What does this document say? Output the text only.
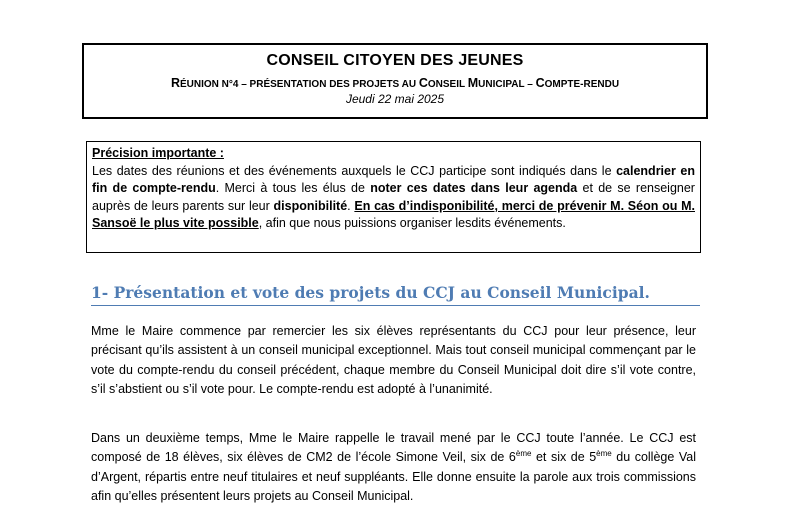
CONSEIL CITOYEN DES JEUNES
RÉUNION N°4 – PRÉSENTATION DES PROJETS AU CONSEIL MUNICIPAL – COMPTE-RENDU
Jeudi 22 mai 2025
Précision importante :
Les dates des réunions et des événements auxquels le CCJ participe sont indiqués dans le calendrier en fin de compte-rendu. Merci à tous les élus de noter ces dates dans leur agenda et de se renseigner auprès de leurs parents sur leur disponibilité. En cas d’indisponibilité, merci de prévenir M. Séon ou M. Sansoë le plus vite possible, afin que nous puissions organiser lesdits événements.
1- Présentation et vote des projets du CCJ au Conseil Municipal.
Mme le Maire commence par remercier les six élèves représentants du CCJ pour leur présence, leur précisant qu’ils assistent à un conseil municipal exceptionnel. Mais tout conseil municipal commençant par le vote du compte-rendu du conseil précédent, chaque membre du Conseil Municipal doit dire s’il vote contre, s’il s’abstient ou s’il vote pour. Le compte-rendu est adopté à l’unanimité.
Dans un deuxième temps, Mme le Maire rappelle le travail mené par le CCJ toute l’année. Le CCJ est composé de 18 élèves, six élèves de CM2 de l’école Simone Veil, six de 6ème et six de 5ème du collège Val d’Argent, répartis entre neuf titulaires et neuf suppléants. Elle donne ensuite la parole aux trois commissions afin qu’elles présentent leurs projets au Conseil Municipal.
